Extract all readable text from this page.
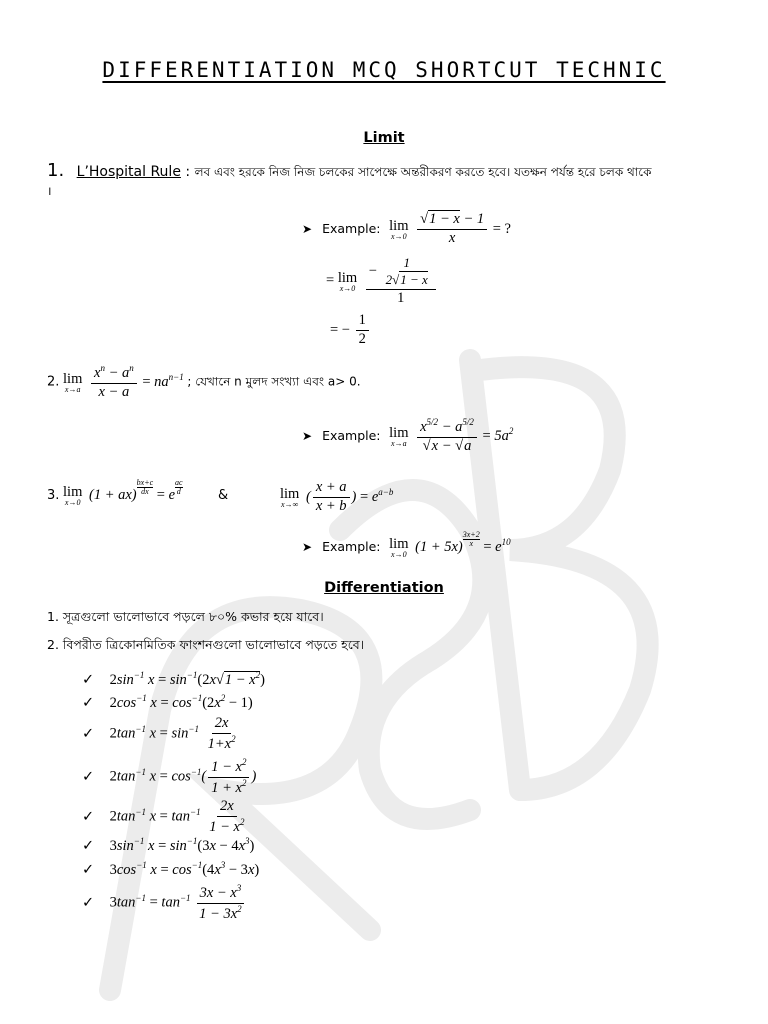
DIFFERENTIATION MCQ SHORTCUT TECHNIC
Limit
1. L’Hospital Rule : লব এবং হরকে নিজ নিজ চলকের সাপেক্ষে অন্তরীকরণ করতে হবে। যতক্ষন পর্যন্ত হরে চলক থাকে
।
➤ Example: lim
x→0
$\frac{√1 - x - 1}{x}$ = ?
= lim
x→0
$\frac{- \frac{1}{2√1 - x}}{1}$
= − $\frac{1}{2}$
2. lim
x→a
$\frac{x^n - a^n}{x - a} = na^{n-1}$ ; যেখানে n মুলদ সংখ্যা এবং a> 0.
➤ Example: lim
x→a
$\frac{x^{5/2} - a^{5/2}}{√x - √a} = 5a^2$
3. lim
x→0 $(1 + ax) \frac{bx+c}{dx} = e \frac{ac}{d}$	&	lim
x→∞ ( $\frac{x + a}{x + b}$ ) = $e^{a-b}$
➤ Example: lim
x→0 $(1 + 5x) \frac{3x+2}{x} = e^{10}$
Differentiation
1. সূত্রগুলো ভালোভাবে পড়লে ৮০% কভার হয়ে যাবে।
2. বিপরীত ত্রিকোনমিতিক ফাংশনগুলো ভালোভাবে পড়তে হবে।
✓ $2\sin^{-1}$ $x = \sin^{-1}(2x√1 - x^2)$
✓ $2\cos^{-1}$ $x = \cos^{-1}(2x^2 - 1)$
✓ $2\tan^{-1}$ $x = \sin^{-1} \frac{2x}{1+x^2}$
✓ $2\tan^{-1}$ $x = \cos^{-1}( \frac{1 - x^2}{1 + x^2}$ )
✓ $2\tan^{-1}$ $x = \tan^{-1} \frac{2x}{1 - x^2}$
✓ $3\sin^{-1}$ $x = \sin^{-1}(3x - 4x^3)$
✓ $3\cos^{-1}$ $x = \cos^{-1}(4x^3 - 3x)$
✓ $3\tan^{-1} = \tan^{-1} \frac{3x - x^3}{1 - 3x^2}$
